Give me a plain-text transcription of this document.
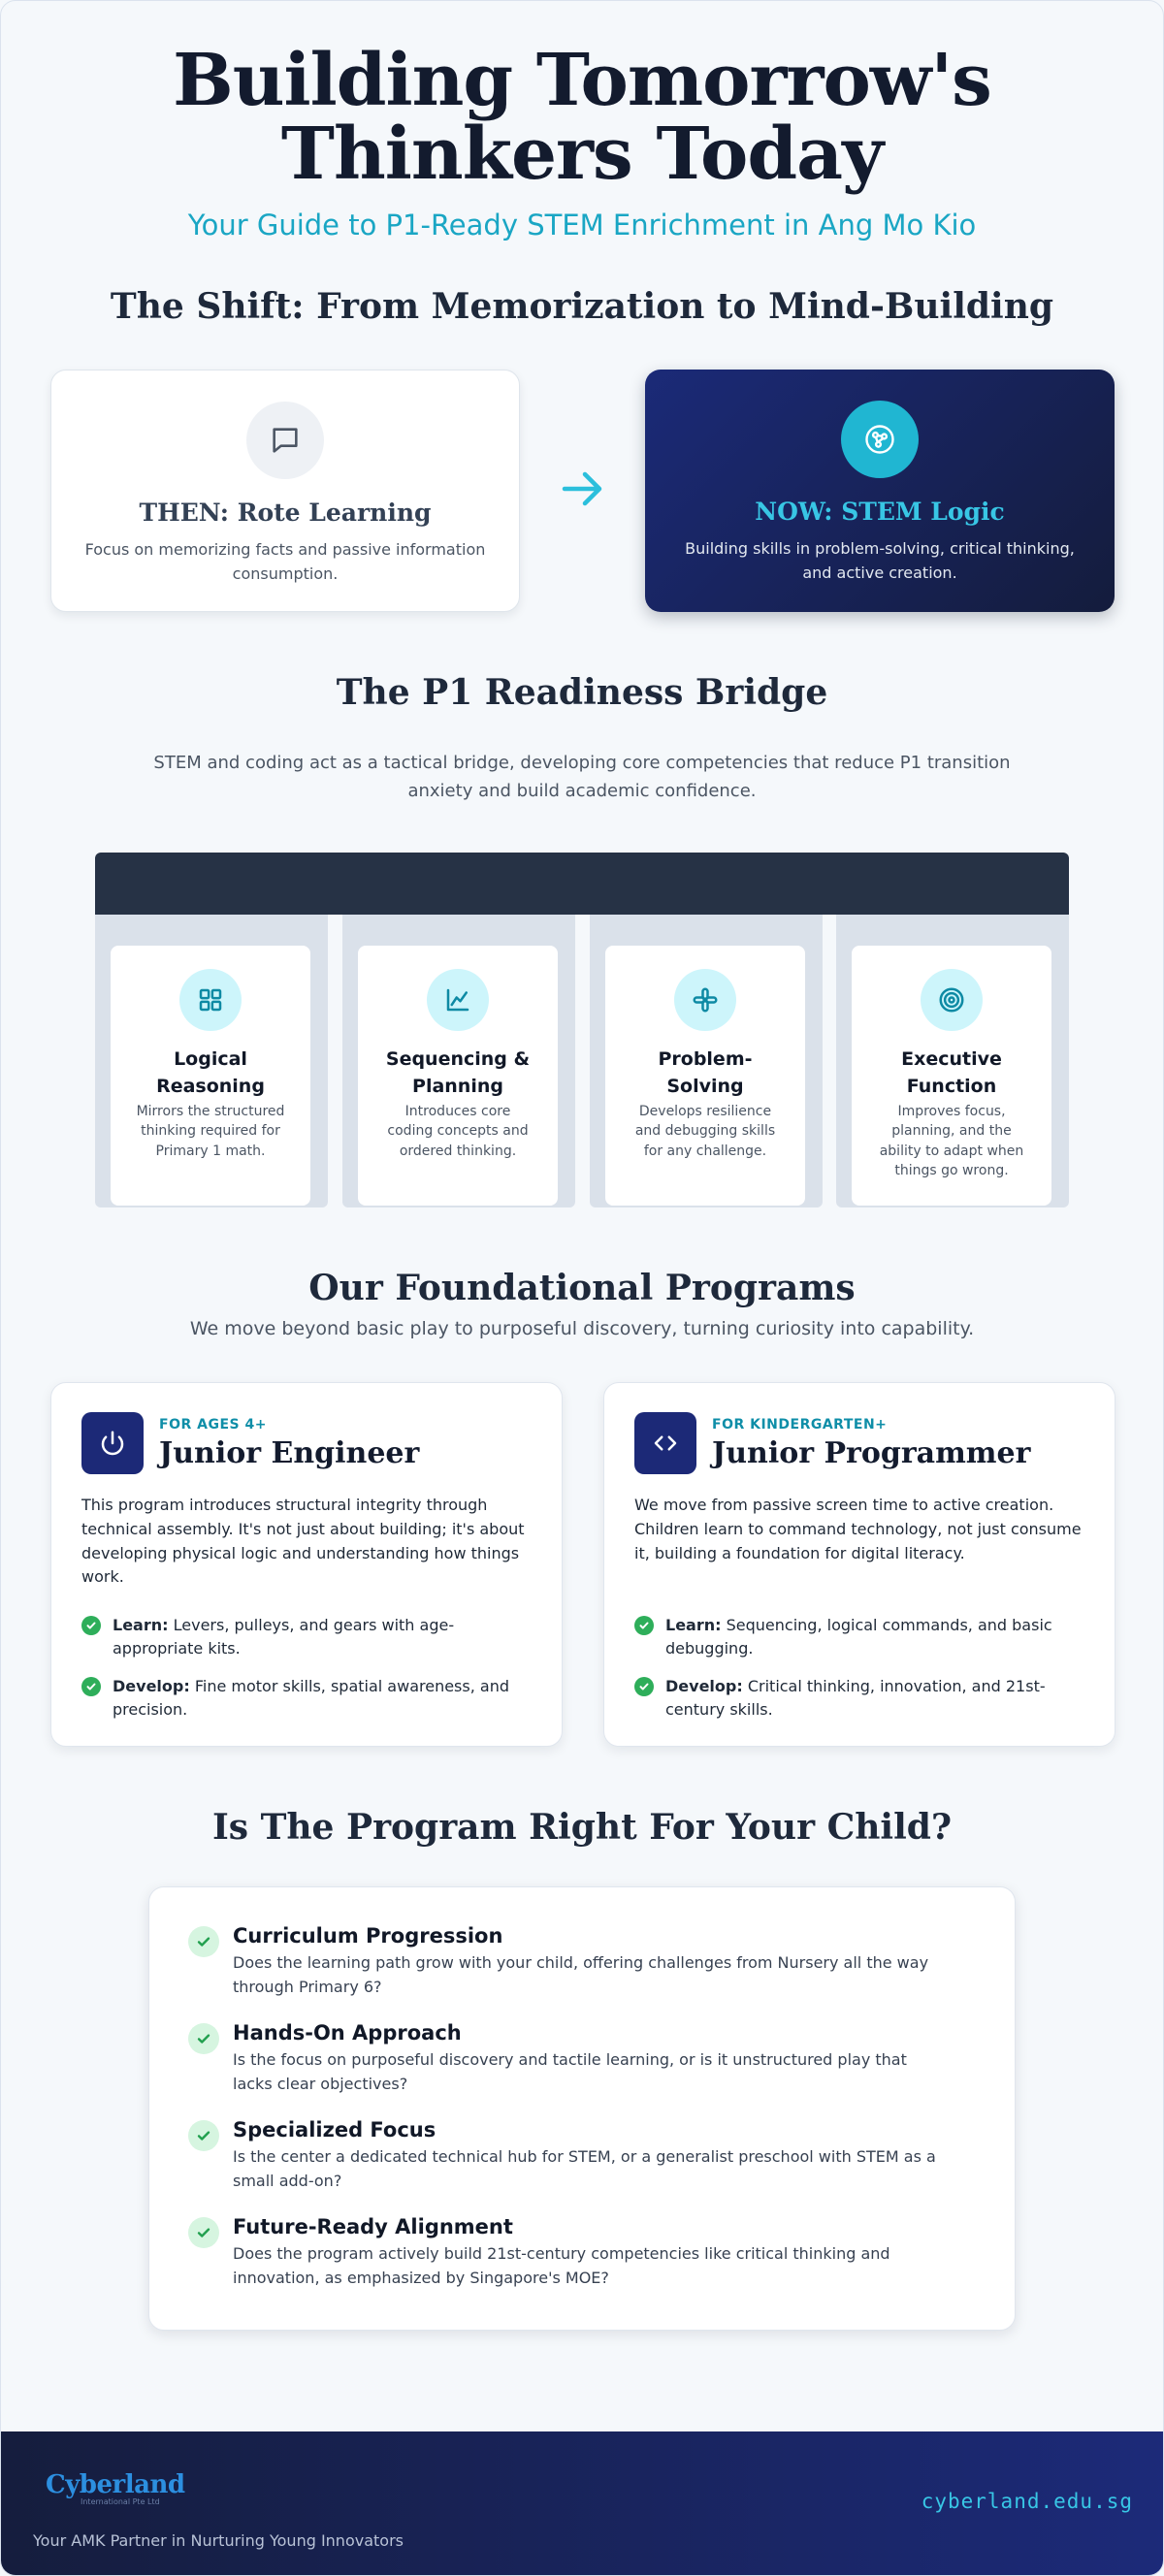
Building Tomorrow's Thinkers Today

Your Guide to P1-Ready STEM Enrichment in Ang Mo Kio

The Shift: From Memorization to Mind-Building
THEN: Rote Learning

Focus on memorizing facts and passive information consumption.

NOW: STEM Logic

Building skills in problem-solving, critical thinking, and active creation.

The P1 Readiness Bridge

STEM and coding act as a tactical bridge, developing core competencies that reduce P1 transition anxiety and build academic confidence.

Logical Reasoning

Mirrors the structured thinking required for Primary 1 math.

Sequencing & Planning

Introduces core coding concepts and ordered thinking.

Problem-Solving

Develops resilience and debugging skills for any challenge.

Executive Function

Improves focus, planning, and the ability to adapt when things go wrong.

Our Foundational Programs

We move beyond basic play to purposeful discovery, turning curiosity into capability.

FOR AGES 4+
Junior Engineer

This program introduces structural integrity through technical assembly. It's not just about building; it's about developing physical logic and understanding how things work.

Learn: Levers, pulleys, and gears with age-appropriate kits.
Develop: Fine motor skills, spatial awareness, and precision.
FOR KINDERGARTEN+
Junior Programmer

We move from passive screen time to active creation. Children learn to command technology, not just consume it, building a foundation for digital literacy.

Learn: Sequencing, logical commands, and basic debugging.
Develop: Critical thinking, innovation, and 21st-century skills.
Is The Program Right For Your Child?
Curriculum Progression

Does the learning path grow with your child, offering challenges from Nursery all the way through Primary 6?

Hands-On Approach

Is the focus on purposeful discovery and tactile learning, or is it unstructured play that lacks clear objectives?

Specialized Focus

Is the center a dedicated technical hub for STEM, or a generalist preschool with STEM as a small add-on?

Future-Ready Alignment

Does the program actively build 21st-century competencies like critical thinking and innovation, as emphasized by Singapore's MOE?

Cyberland
International Pte Ltd
Your AMK Partner in Nurturing Young Innovators
cyberland.edu.sg
